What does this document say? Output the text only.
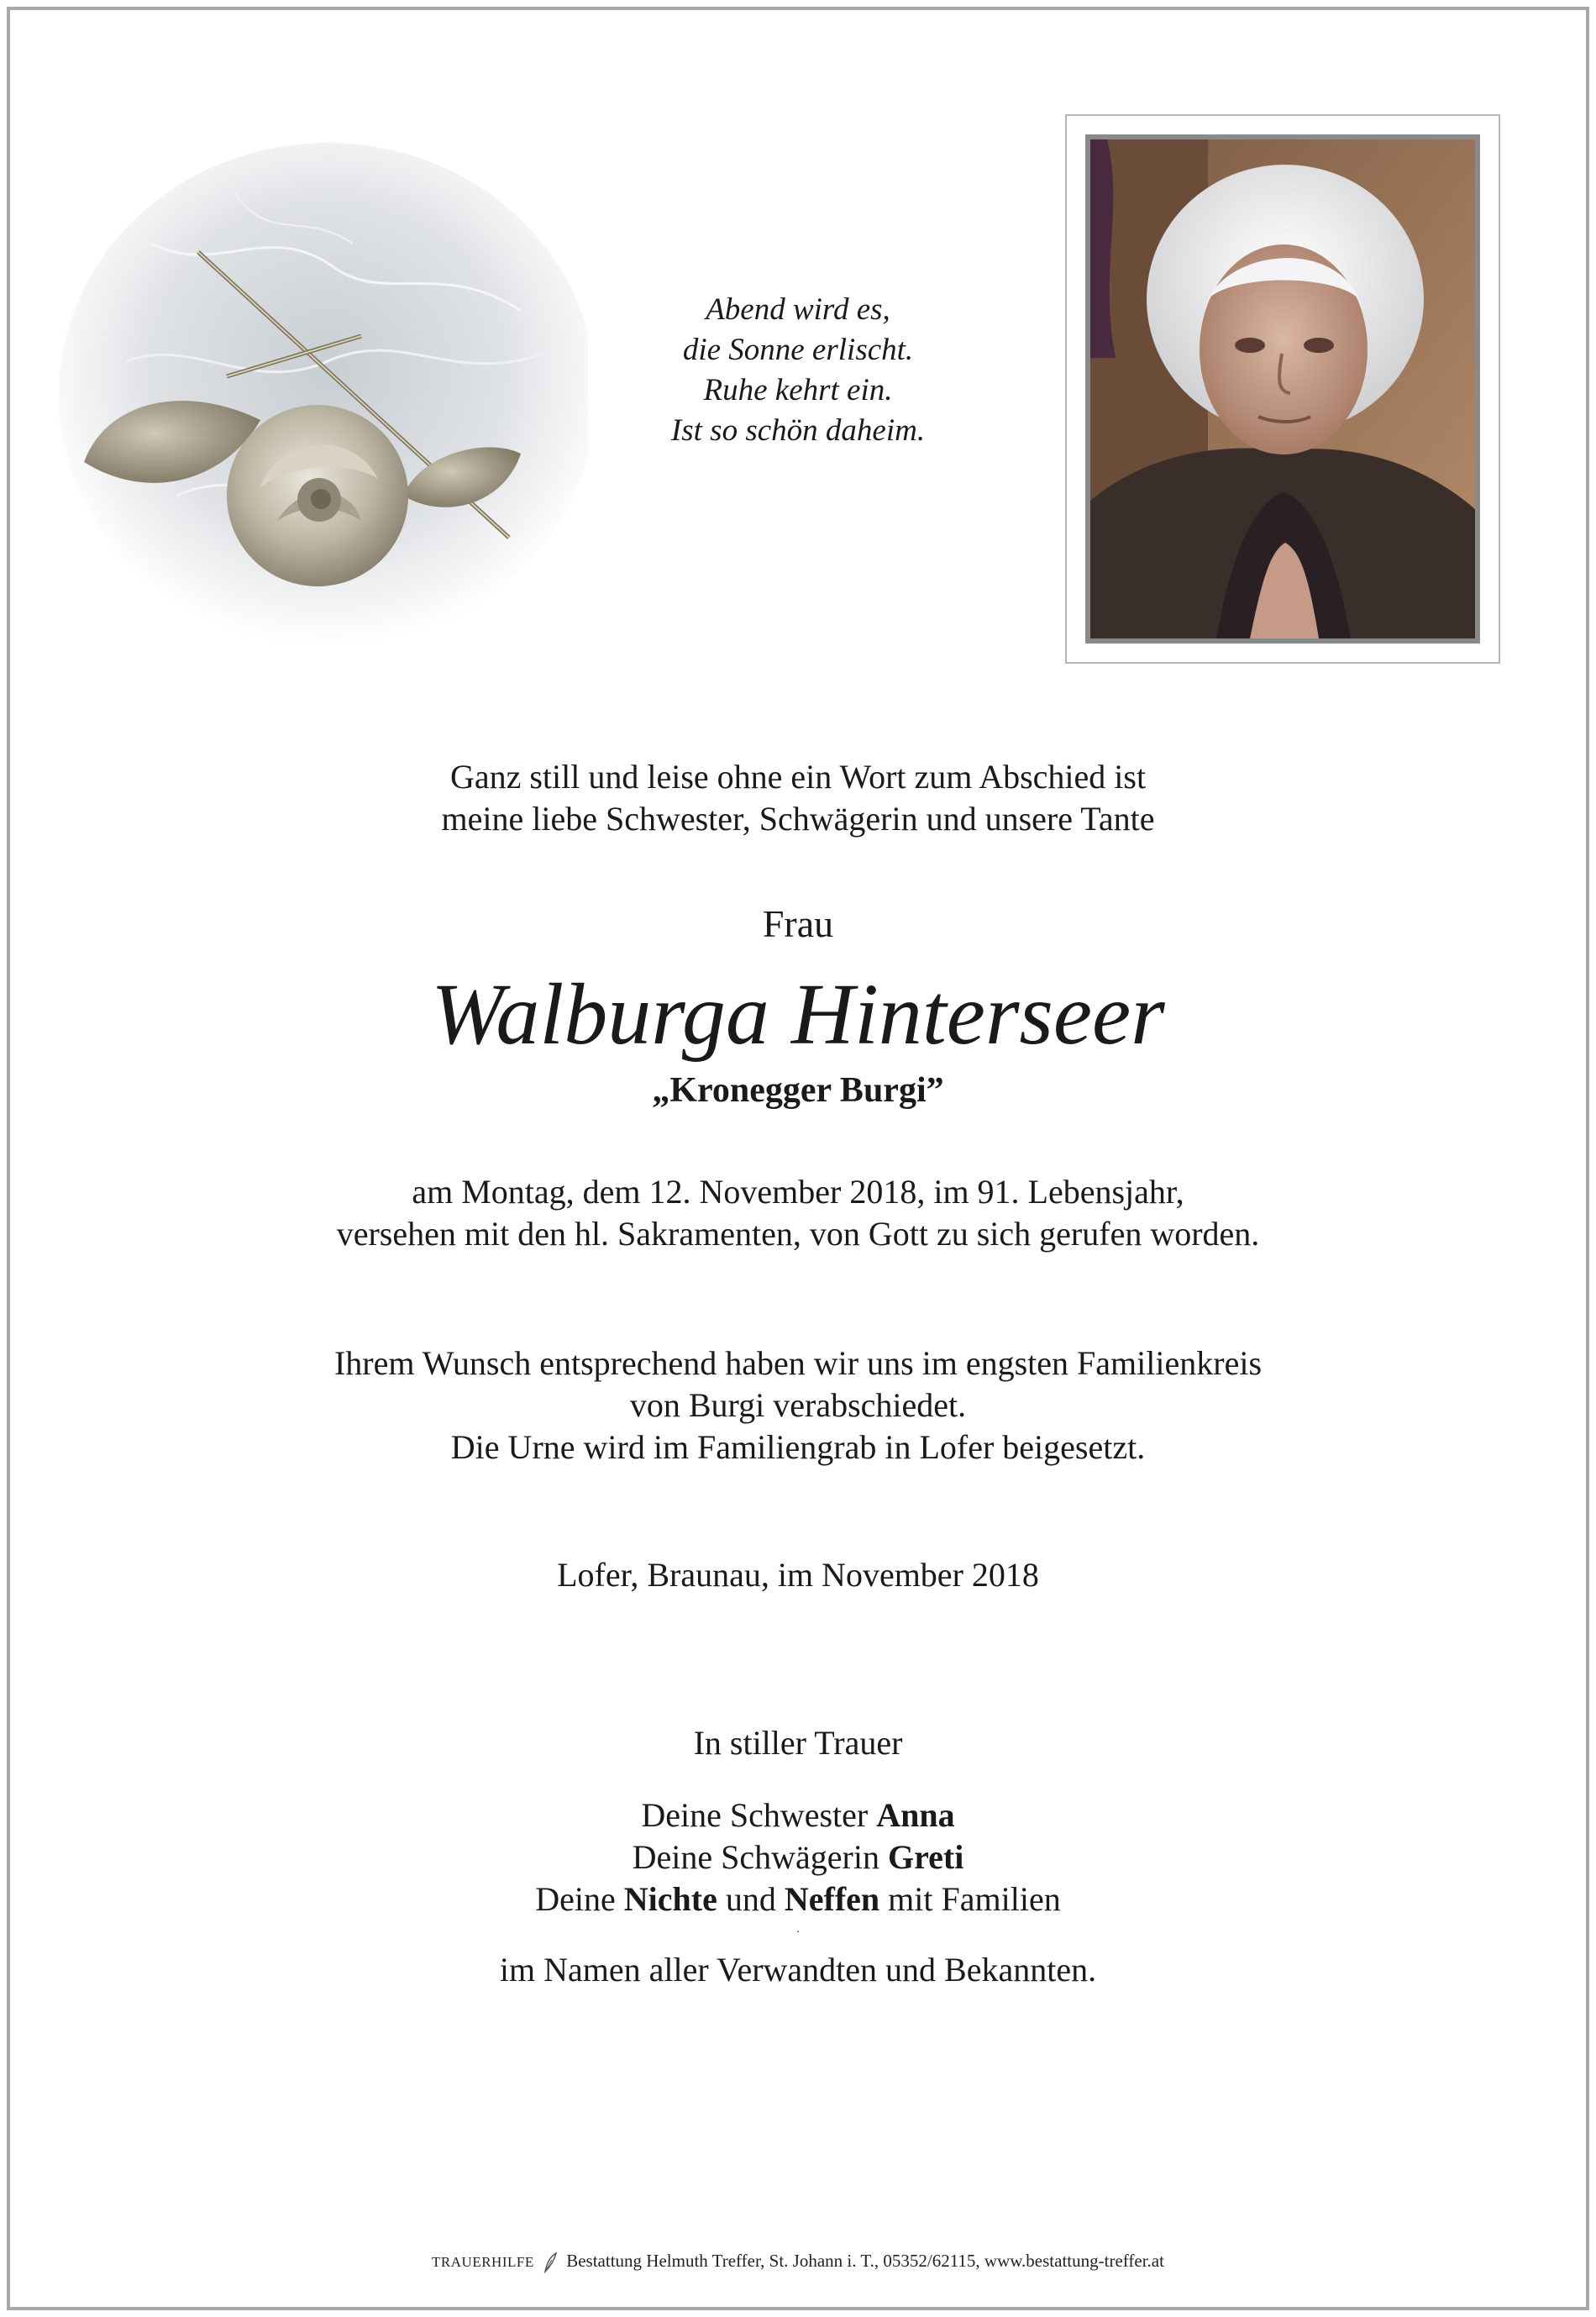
Abend wird es,
die Sonne erlischt.
Ruhe kehrt ein.
Ist so schön daheim.
Ganz still und leise ohne ein Wort zum Abschied ist
meine liebe Schwester, Schwägerin und unsere Tante
Frau
Walburga Hinterseer
„Kronegger Burgi”
am Montag, dem 12. November 2018, im 91. Lebensjahr,
versehen mit den hl. Sakramenten, von Gott zu sich gerufen worden.
Ihrem Wunsch entsprechend haben wir uns im engsten Familienkreis
von Burgi verabschiedet.
Die Urne wird im Familiengrab in Lofer beigesetzt.
Lofer, Braunau, im November 2018
In stiller Trauer
Deine Schwester Anna
Deine Schwägerin Greti
Deine Nichte und Neffen mit Familien
.
im Namen aller Verwandten und Bekannten.
TRAUERHILFE Bestattung Helmuth Treffer, St. Johann i. T., 05352/62115, www.bestattung-treffer.at
